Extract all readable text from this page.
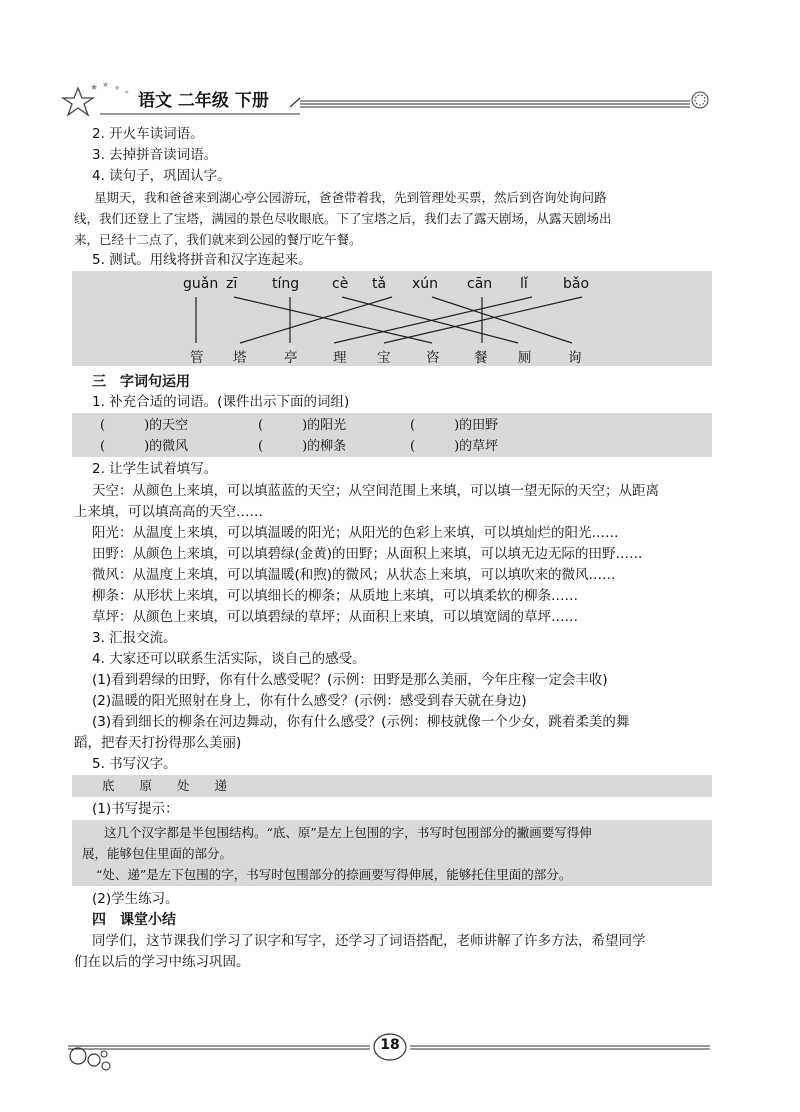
★ ★ ★
★ 语文 二年级 下册
2. 开火车读词语。
3. 去掉拼音读词语。
4. 读句子，巩固认字。
星期天，我和爸爸来到湖心亭公园游玩，爸爸带着我，先到管理处买票，然后到咨询处询问路
线，我们还登上了宝塔，满园的景色尽收眼底。下了宝塔之后，我们去了露天剧场，从露天剧场出
来，已经十二点了，我们就来到公园的餐厅吃午餐。
5. 测试。用线将拼音和汉字连起来。
guǎn zī tíng cè tǎ xún cān lǐ	bǎo
管 塔	亭	理 宝	咨	餐 厕	询
三　字词句运用
1. 补充合适的词语。(课件出示下面的词组)
(　　　)的天空	(　　　)的阳光	(　　　)的田野
(　　　)的微风	(　　　)的柳条	(　　　)的草坪
2. 让学生试着填写。
天空：从颜色上来填，可以填蓝蓝的天空；从空间范围上来填，可以填一望无际的天空；从距离
上来填，可以填高高的天空……
阳光：从温度上来填，可以填温暖的阳光；从阳光的色彩上来填，可以填灿烂的阳光……
田野：从颜色上来填，可以填碧绿(金黄)的田野；从面积上来填，可以填无边无际的田野……
微风：从温度上来填，可以填温暖(和煦)的微风；从状态上来填，可以填吹来的微风……
柳条：从形状上来填，可以填细长的柳条；从质地上来填，可以填柔软的柳条……
草坪：从颜色上来填，可以填碧绿的草坪；从面积上来填，可以填宽阔的草坪……
3. 汇报交流。
4. 大家还可以联系生活实际，谈自己的感受。
(1)看到碧绿的田野，你有什么感受呢？(示例：田野是那么美丽，今年庄稼一定会丰收)
(2)温暖的阳光照射在身上，你有什么感受？(示例：感受到春天就在身边)
(3)看到细长的柳条在河边舞动，你有什么感受？(示例：柳枝就像一个少女，跳着柔美的舞
蹈，把春天打扮得那么美丽)
5. 书写汉字。
底　　原　　处　　递
(1)书写提示：
这几个汉字都是半包围结构。“底、原”是左上包围的字，书写时包围部分的撇画要写得伸
展，能够包住里面的部分。
“处、递”是左下包围的字，书写时包围部分的捺画要写得伸展，能够托住里面的部分。
(2)学生练习。
四　课堂小结
同学们，这节课我们学习了识字和写字，还学习了词语搭配，老师讲解了许多方法，希望同学
们在以后的学习中练习巩固。
18
